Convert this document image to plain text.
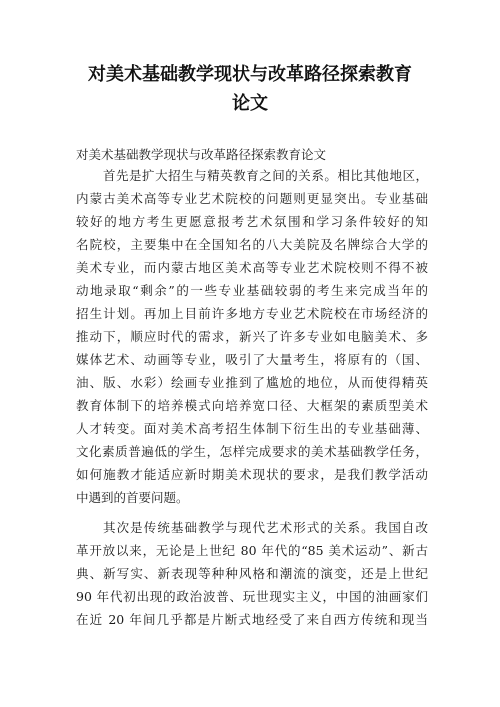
对美术基础教学现状与改革路径探索教育
论文
对美术基础教学现状与改革路径探索教育论文
首先是扩大招生与精英教育之间的关系。相比其他地区，
内蒙古美术高等专业艺术院校的问题则更显突出。专业基础
较好的地方考生更愿意报考艺术氛围和学习条件较好的知
名院校，主要集中在全国知名的八大美院及名牌综合大学的
美术专业，而内蒙古地区美术高等专业艺术院校则不得不被
动地录取“剩余”的一些专业基础较弱的考生来完成当年的
招生计划。再加上目前许多地方专业艺术院校在市场经济的
推动下，顺应时代的需求，新兴了许多专业如电脑美术、多
媒体艺术、动画等专业，吸引了大量考生，将原有的（国、
油、版、水彩）绘画专业推到了尴尬的地位，从而使得精英
教育体制下的培养模式向培养宽口径、大框架的素质型美术
人才转变。面对美术高考招生体制下衍生出的专业基础薄、
文化素质普遍低的学生，怎样完成要求的美术基础教学任务，
如何施教才能适应新时期美术现状的要求，是我们教学活动
中遇到的首要问题。
其次是传统基础教学与现代艺术形式的关系。我国自改
革开放以来，无论是上世纪 80 年代的“85 美术运动”、新古
典、新写实、新表现等种种风格和潮流的演变，还是上世纪
90 年代初出现的政治波普、玩世现实主义，中国的油画家们
在近 20 年间几乎都是片断式地经受了来自西方传统和现当
